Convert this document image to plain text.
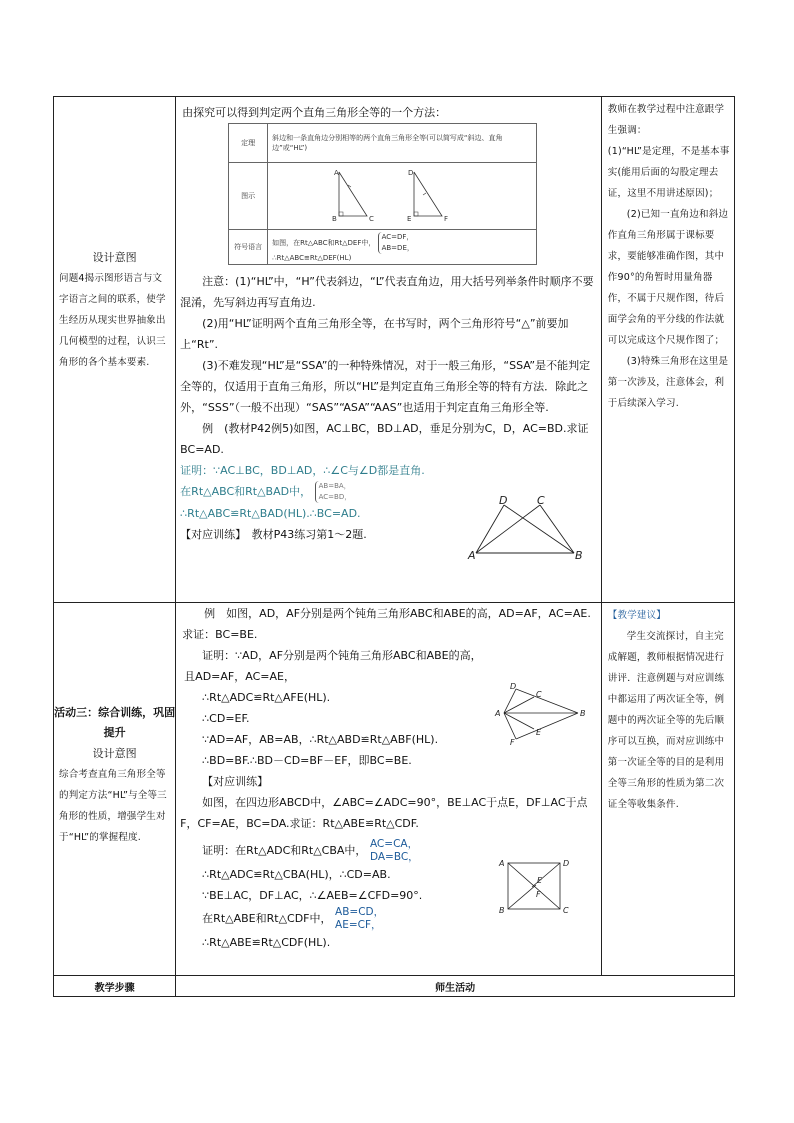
设计意图
问题4揭示图形语言与文字语言之间的联系，使学生经历从现实世界抽象出几何模型的过程，认识三角形的各个基本要素.

由探究可以得到判定两个直角三角形全等的一个方法：
定理	斜边和一条直角边分别相等的两个直角三角形全等(可以简写成“斜边、直角边”或“HL”)
图示	
A
B	C
D
E	F

符号语言	如图，在Rt△ABC和Rt△DEF中， AC=DF，
AB=DE，
∴Rt△ABC≌Rt△DEF(HL)
注意：(1)“HL”中，“H”代表斜边，“L”代表直角边，用大括号列举条件时顺序不要混淆，先写斜边再写直角边.
(2)用“HL”证明两个直角三角形全等，在书写时，两个三角形符号“△”前要加上“Rt”.
(3)不难发现“HL”是“SSA”的一种特殊情况，对于一般三角形，“SSA”是不能判定全等的，仅适用于直角三角形，所以“HL”是判定直角三角形全等的特有方法．除此之外，“SSS”（一般不出现）“SAS”“ASA”“AAS”也适用于判定直角三角形全等.
例　(教材P42例5)如图，AC⊥BC，BD⊥AD，垂足分别为C，D，AC=BD.求证BC=AD.
证明：∵AC⊥BC，BD⊥AD，∴∠C与∠D都是直角.
在Rt△ABC和Rt△BAD中， AB=BA，
AC=BD，
∴Rt△ABC≌Rt△BAD(HL).∴BC=AD.
【对应训练】　教材P43练习第1～2题.
A	B
C
D

教师在教学过程中注意跟学生强调：
(1)“HL”是定理，不是基本事实(能用后面的勾股定理去证，这里不用讲述原因)；
(2)已知一直角边和斜边作直角三角形属于课标要求，要能够准确作图，其中作90°的角暂时用量角器作，不属于尺规作图，待后面学会角的平分线的作法就可以完成这个尺规作图了；
(3)特殊三角形在这里是第一次涉及，注意体会，利于后续深入学习.

活动三：综合训练，巩固提升
设计意图
综合考查直角三角形全等的判定方法“HL”与全等三角形的性质，增强学生对于“HL”的掌握程度.

例　如图，AD，AF分别是两个钝角三角形ABC和ABE的高，AD=AF，AC=AE.求证：BC=BE.
证明：∵AD，AF分别是两个钝角三角形ABC和ABE的高，
且AD=AF，AC=AE，
∴Rt△ADC≌Rt△AFE(HL).
∴CD=EF.
∵AD=AF，AB=AB，∴Rt△ABD≌Rt△ABF(HL).
∴BD=BF.∴BD－CD=BF－EF，即BC=BE.
【对应训练】
如图，在四边形ABCD中，∠ABC=∠ADC=90°，BE⊥AC于点E，DF⊥AC于点F，CF=AE，BC=DA.求证：Rt△ABE≌Rt△CDF.
证明：在Rt△ADC和Rt△CBA中， AC=CA，
DA=BC，
∴Rt△ADC≌Rt△CBA(HL)，∴CD=AB.
∵BE⊥AC，DF⊥AC，∴∠AEB=∠CFD=90°.
在Rt△ABE和Rt△CDF中， AB=CD，
AE=CF，
∴Rt△ABE≌Rt△CDF(HL).
A	B
C
D
E
F
A
B	C
D
E
F

【教学建议】
学生交流探讨，自主完成解题，教师根据情况进行讲评．注意例题与对应训练中都运用了两次证全等，例题中的两次证全等的先后顺序可以互换，而对应训练中第一次证全等的目的是利用全等三角形的性质为第二次证全等收集条件.

教学步骤	师生活动
